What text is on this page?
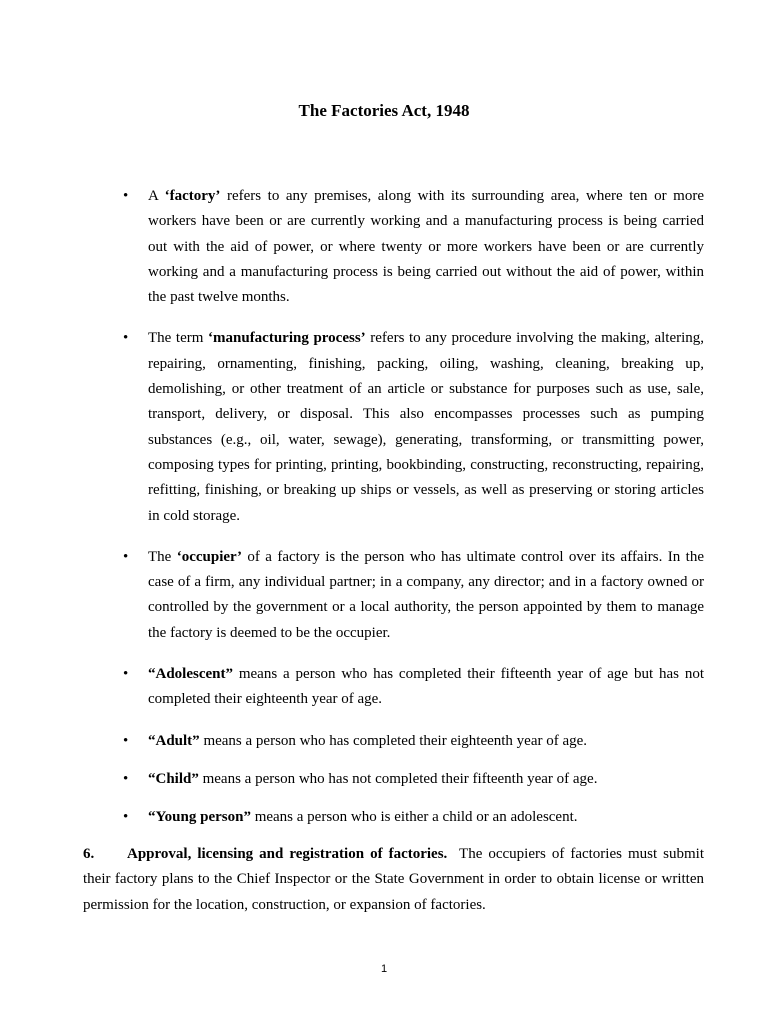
The Factories Act, 1948
• A ‘factory’ refers to any premises, along with its surrounding area, where ten or more workers have been or are currently working and a manufacturing process is being carried out with the aid of power, or where twenty or more workers have been or are currently working and a manufacturing process is being carried out without the aid of power, within the past twelve months.
• The term ‘manufacturing process’ refers to any procedure involving the making, altering, repairing, ornamenting, finishing, packing, oiling, washing, cleaning, breaking up, demolishing, or other treatment of an article or substance for purposes such as use, sale, transport, delivery, or disposal. This also encompasses processes such as pumping substances (e.g., oil, water, sewage), generating, transforming, or transmitting power, composing types for printing, printing, bookbinding, constructing, reconstructing, repairing, refitting, finishing, or breaking up ships or vessels, as well as preserving or storing articles in cold storage.
• The ‘occupier’ of a factory is the person who has ultimate control over its affairs. In the case of a firm, any individual partner; in a company, any director; and in a factory owned or controlled by the government or a local authority, the person appointed by them to manage the factory is deemed to be the occupier.
• “Adolescent” means a person who has completed their fifteenth year of age but has not completed their eighteenth year of age.
• “Adult” means a person who has completed their eighteenth year of age.
• “Child” means a person who has not completed their fifteenth year of age.
• “Young person” means a person who is either a child or an adolescent.
6. Approval, licensing and registration of factories.  The occupiers of factories must submit their factory plans to the Chief Inspector or the State Government in order to obtain license or written permission for the location, construction, or expansion of factories.
1
